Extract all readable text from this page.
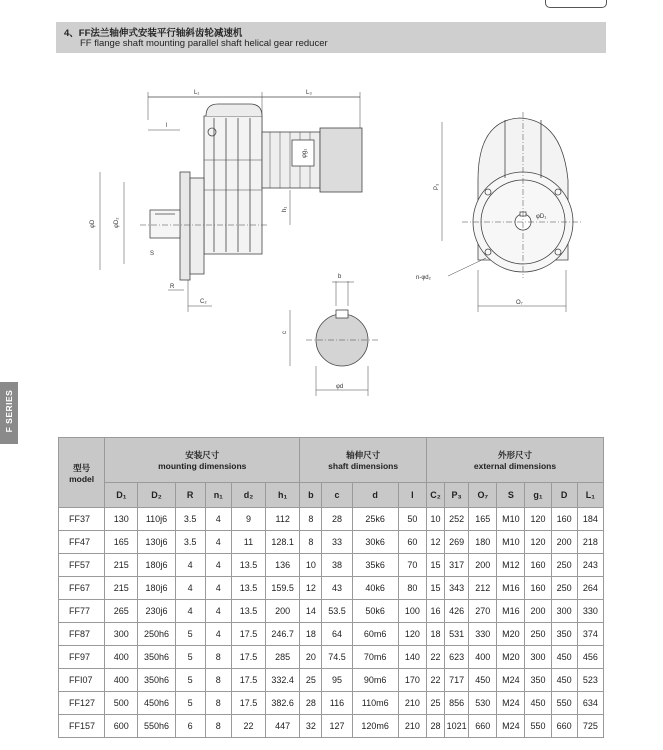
4、FF法兰轴伸式安装平行轴斜齿轮减速机
FF flange shaft mounting parallel shaft helical gear reducer
F SERIES
L₁	L₃
l
φD	φD₂
S
R
C₂
h₁
φg₁
P₃
φD₁
n-φd₂
O₇
b
c
φd
型号
model	安装尺寸
mounting dimensions						轴伸尺寸
shaft dimensions				外形尺寸
external dimensions						

	D₁	D₂	R	n₁	d₂	h₁	b	c	d	l	C₂	P₃	O₇	S	g₁	D	L₁
FF37	130	110j6	3.5	4	9	112	8	28	25k6	50	10	252	165	M10	120	160	184
FF47	165	130j6	3.5	4	11	128.1	8	33	30k6	60	12	269	180	M10	120	200	218
FF57	215	180j6	4	4	13.5	136	10	38	35k6	70	15	317	200	M12	160	250	243
FF67	215	180j6	4	4	13.5	159.5	12	43	40k6	80	15	343	212	M16	160	250	264
FF77	265	230j6	4	4	13.5	200	14	53.5	50k6	100	16	426	270	M16	200	300	330
FF87	300	250h6	5	4	17.5	246.7	18	64	60m6	120	18	531	330	M20	250	350	374
FF97	400	350h6	5	8	17.5	285	20	74.5	70m6	140	22	623	400	M20	300	450	456
FFI07	400	350h6	5	8	17.5	332.4	25	95	90m6	170	22	717	450	M24	350	450	523
FF127	500	450h6	5	8	17.5	382.6	28	116	110m6	210	25	856	530	M24	450	550	634
FF157	600	550h6	6	8	22	447	32	127	120m6	210	28	1021	660	M24	550	660	725
